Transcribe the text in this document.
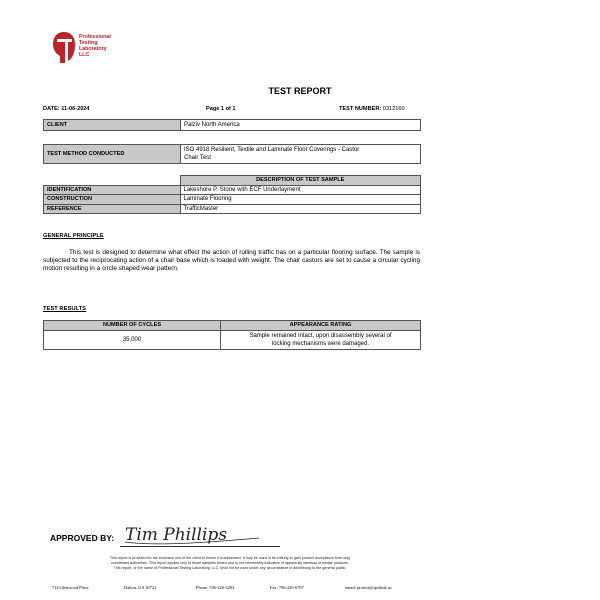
Professional
Testing
Laboratory
LLC
TEST REPORT
DATE: 11-06-2024	Page 1 of 1	TEST NUMBER: 0312160
CLIENT	Palziv North America
TEST METHOD CONDUCTED	
ISO 4918 Resilient, Textile and Laminate Floor Coverings - Castor
Chair Test
	DESCRIPTION OF TEST SAMPLE
IDENTIFICATION	Lakeshore P. Stone with ECF Underlayment
CONSTRUCTION	Laminate Flooring
REFERENCE	TrafficMaster
GENERAL PRINCIPLE
This test is designed to determine what effect the action of rolling traffic has on a particular flooring surface. The sample is subjected to the reciprocating action of a chair base which is loaded with weight. The chair castors are set to cause a circular cycling motion resulting in a circle shaped wear pattern.
TEST RESULTS
NUMBER OF CYCLES	APPEARANCE RATING
35,000	Sample remained intact, upon disassembly several of
locking mechanisms were damaged.
APPROVED BY: Tim Phillips
This report is provided for the exclusive use of the client to whom it is addressed. It may be used in its entirety to gain product acceptance from duly
constituted authorities. This report applies only to those samples tested and is not necessarily indicative of apparently identical or similar products.
This report, or the name of Professional Testing Laboratory, LLC, shall not be used under any circumstance in advertising to the general public.
714 Glenwood Place	Dalton, GA 30721	Phone: 706-226-3283	Fax: 706-226-6787	email: protest@optilink.us
